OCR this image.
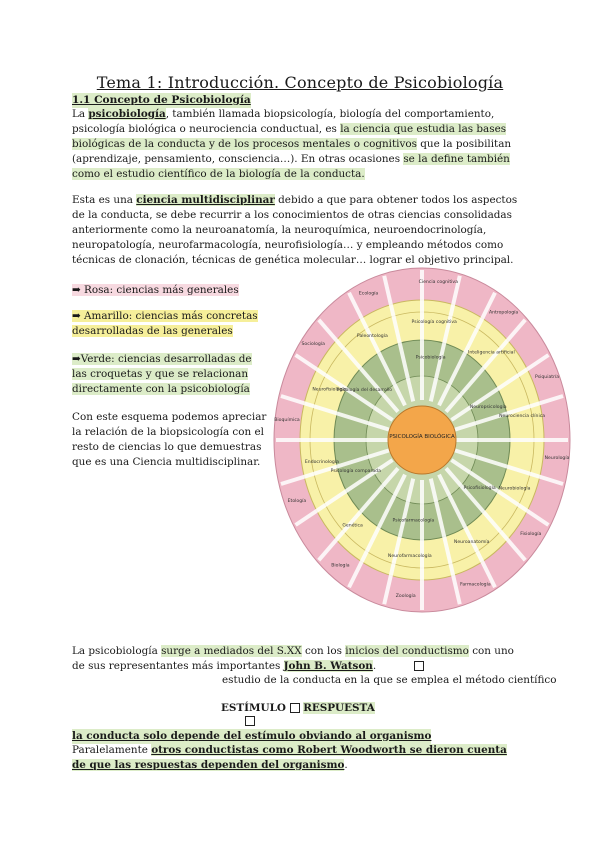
Tema 1: Introducción. Concepto de Psicobiología
1.1 Concepto de Psicobiología
La psicobiología, también llamada biopsicología, biología del comportamiento, psicología biológica o neurociencia conductual, es la ciencia que estudia las bases biológicas de la conducta y de los procesos mentales o cognitivos que la posibilitan (aprendizaje, pensamiento, consciencia…). En otras ocasiones se la define también como el estudio científico de la biología de la conducta.
Esta es una ciencia multidisciplinar debido a que para obtener todos los aspectos de la conducta, se debe recurrir a los conocimientos de otras ciencias consolidadas anteriormente como la neuroanatomía, la neuroquímica, neuroendocrinología, neuropatología, neurofarmacología, neurofisiología… y empleando métodos como técnicas de clonación, técnicas de genética molecular… lograr el objetivo principal.
➡ Rosa: ciencias más generales
➡ Amarillo: ciencias más concretas desarrolladas de las generales
➡Verde: ciencias desarrolladas de las croquetas y que se relacionan directamente con la psicobiología
Con este esquema podemos apreciar la relación de la biopsicología con el resto de ciencias lo que demuestras que es una Ciencia multidisciplinar.
PSICOLOGÍA BIOLÓGICA
Psicobiología
Neuropsicología
Psicofisiología
Psicofarmacología
Psicología comparada
Psicología del desarrollo
Psicología cognitiva
Inteligencia artificial
Neurociencia clínica
Neurobiología
Neuroanatomía
Neurofarmacología
Genética
Endocrinología
Neurofisiología
Paleontología
Ciencia cognitiva
Antropología
Psiquiatría
Neurología
Fisiología
Farmacología
Zoología
Biología
Etología
Bioquímica
Sociología
Ecología
La psicobiología surge a mediados del S.XX con los inicios del conductismo con uno de sus representantes más importantes John B. Watson.
estudio de la conducta en la que se emplea el método científico
ESTÍMULO RESPUESTA
la conducta solo depende del estímulo obviando al organismo
Paralelamente otros conductistas como Robert Woodworth se dieron cuenta de que las respuestas dependen del organismo.
